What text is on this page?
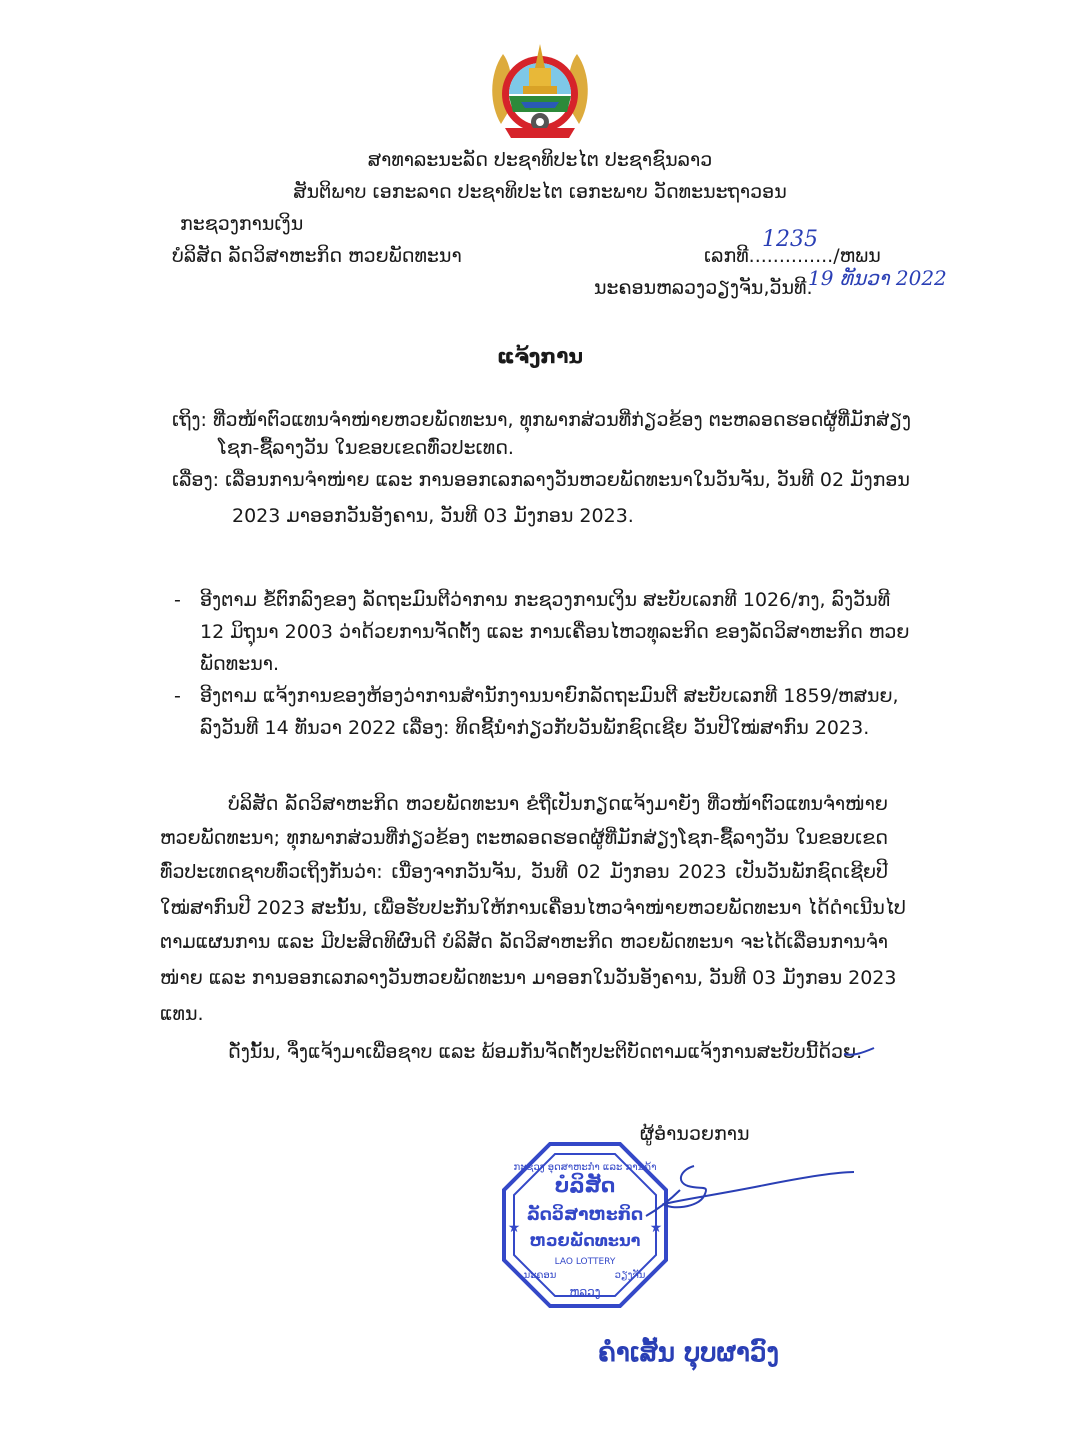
ສາທາລະນະລັດ ປະຊາທິປະໄຕ ປະຊາຊົນລາວ

ສັນຕິພາບ ເອກະລາດ ປະຊາທິປະໄຕ ເອກະພາບ ວັດທະນະຖາວອນ

ກະຊວງການເງິນ

ບໍລິສັດ ລັດວິສາຫະກິດ ຫວຍພັດທະນາ	ເລກທີ............../ຫພນ

1235

ນະຄອນຫລວງວຽງຈັນ,ວັນທີ.

19 ທັນວາ 2022

ແຈ້ງການ

ເຖິງ: ທີ່ວໜ້າຕົວແທນຈຳໜ່າຍຫວຍພັດທະນາ, ທຸກພາກສ່ວນທີ່ກ່ຽວຂ້ອງ ຕະຫລອດຮອດຜູ້ທີ່ມັກສ່ຽງ

ໂຊກ-ຊື້ລາງວັນ ໃນຂອບເຂດທົ່ວປະເທດ.

ເລື່ອງ: ເລື່ອນການຈຳໜ່າຍ ແລະ ການອອກເລກລາງວັນຫວຍພັດທະນາໃນວັນຈັນ, ວັນທີ 02 ມັງກອນ

2023 ມາອອກວັນອັງຄານ, ວັນທີ 03 ມັງກອນ 2023.

- ອີງຕາມ ຂໍ້ຕົກລົງຂອງ ລັດຖະມົນຕີວ່າການ ກະຊວງການເງິນ ສະບັບເລກທີ 1026/ກງ, ລົງວັນທີ

12 ມິຖຸນາ 2003 ວ່າດ້ວຍການຈັດຕັ້ງ ແລະ ການເຄື່ອນໄຫວທຸລະກິດ ຂອງລັດວິສາຫະກິດ ຫວຍ

ພັດທະນາ.

- ອີງຕາມ ແຈ້ງການຂອງຫ້ອງວ່າການສຳນັກງານນາຍົກລັດຖະມົນຕີ ສະບັບເລກທີ 1859/ຫສນຍ,

ລົງວັນທີ 14 ທັນວາ 2022 ເລື່ອງ: ທິດຊີ້ນຳກ່ຽວກັບວັນພັກຊົດເຊີຍ ວັນປີໃໝ່ສາກົນ 2023.

ບໍລິສັດ ລັດວິສາຫະກິດ ຫວຍພັດທະນາ ຂໍຖືເປັນກຽດແຈ້ງມາຍັງ ທີ່ວໜ້າຕົວແທນຈຳໜ່າຍ

ຫວຍພັດທະນາ; ທຸກພາກສ່ວນທີ່ກ່ຽວຂ້ອງ ຕະຫລອດຮອດຜູ້ທີ່ມັກສ່ຽງໂຊກ-ຊື້ລາງວັນ ໃນຂອບເຂດ

ທົ່ວປະເທດຊາບທົ່ວເຖິງກັນວ່າ: ເນື່ອງຈາກວັນຈັນ, ວັນທີ 02 ມັງກອນ 2023 ເປັນວັນພັກຊົດເຊີຍປີ

ໃໝ່ສາກົນປີ 2023 ສະນັ້ນ, ເພື່ອຮັບປະກັນໃຫ້ການເຄື່ອນໄຫວຈຳໜ່າຍຫວຍພັດທະນາ ໄດ້ດຳເນີນໄປ

ຕາມແຜນການ ແລະ ມີປະສິດທິຜົນດີ ບໍລິສັດ ລັດວິສາຫະກິດ ຫວຍພັດທະນາ ຈະໄດ້ເລື່ອນການຈຳ

ໜ່າຍ ແລະ ການອອກເລກລາງວັນຫວຍພັດທະນາ ມາອອກໃນວັນອັງຄານ, ວັນທີ 03 ມັງກອນ 2023

ແທນ.

ດັ່ງນັ້ນ, ຈຶ່ງແຈ້ງມາເພື່ອຊາບ ແລະ ພ້ອມກັນຈັດຕັ້ງປະຕິບັດຕາມແຈ້ງການສະບັບນີ້ດ້ວຍ.

ຜູ້ອຳນວຍການ

ກະຊວງ ອຸດສາຫະກຳ ແລະ ການຄ້າ
ບໍລິສັດ
ລັດວິສາຫະກິດ
ຫວຍພັດທະນາ
LAO LOTTERY
ນະຄອນ
ຫລວງ
ວຽງຈັນ
★	★

ຄຳເສັ້ນ ບຸບຜາວົງ
